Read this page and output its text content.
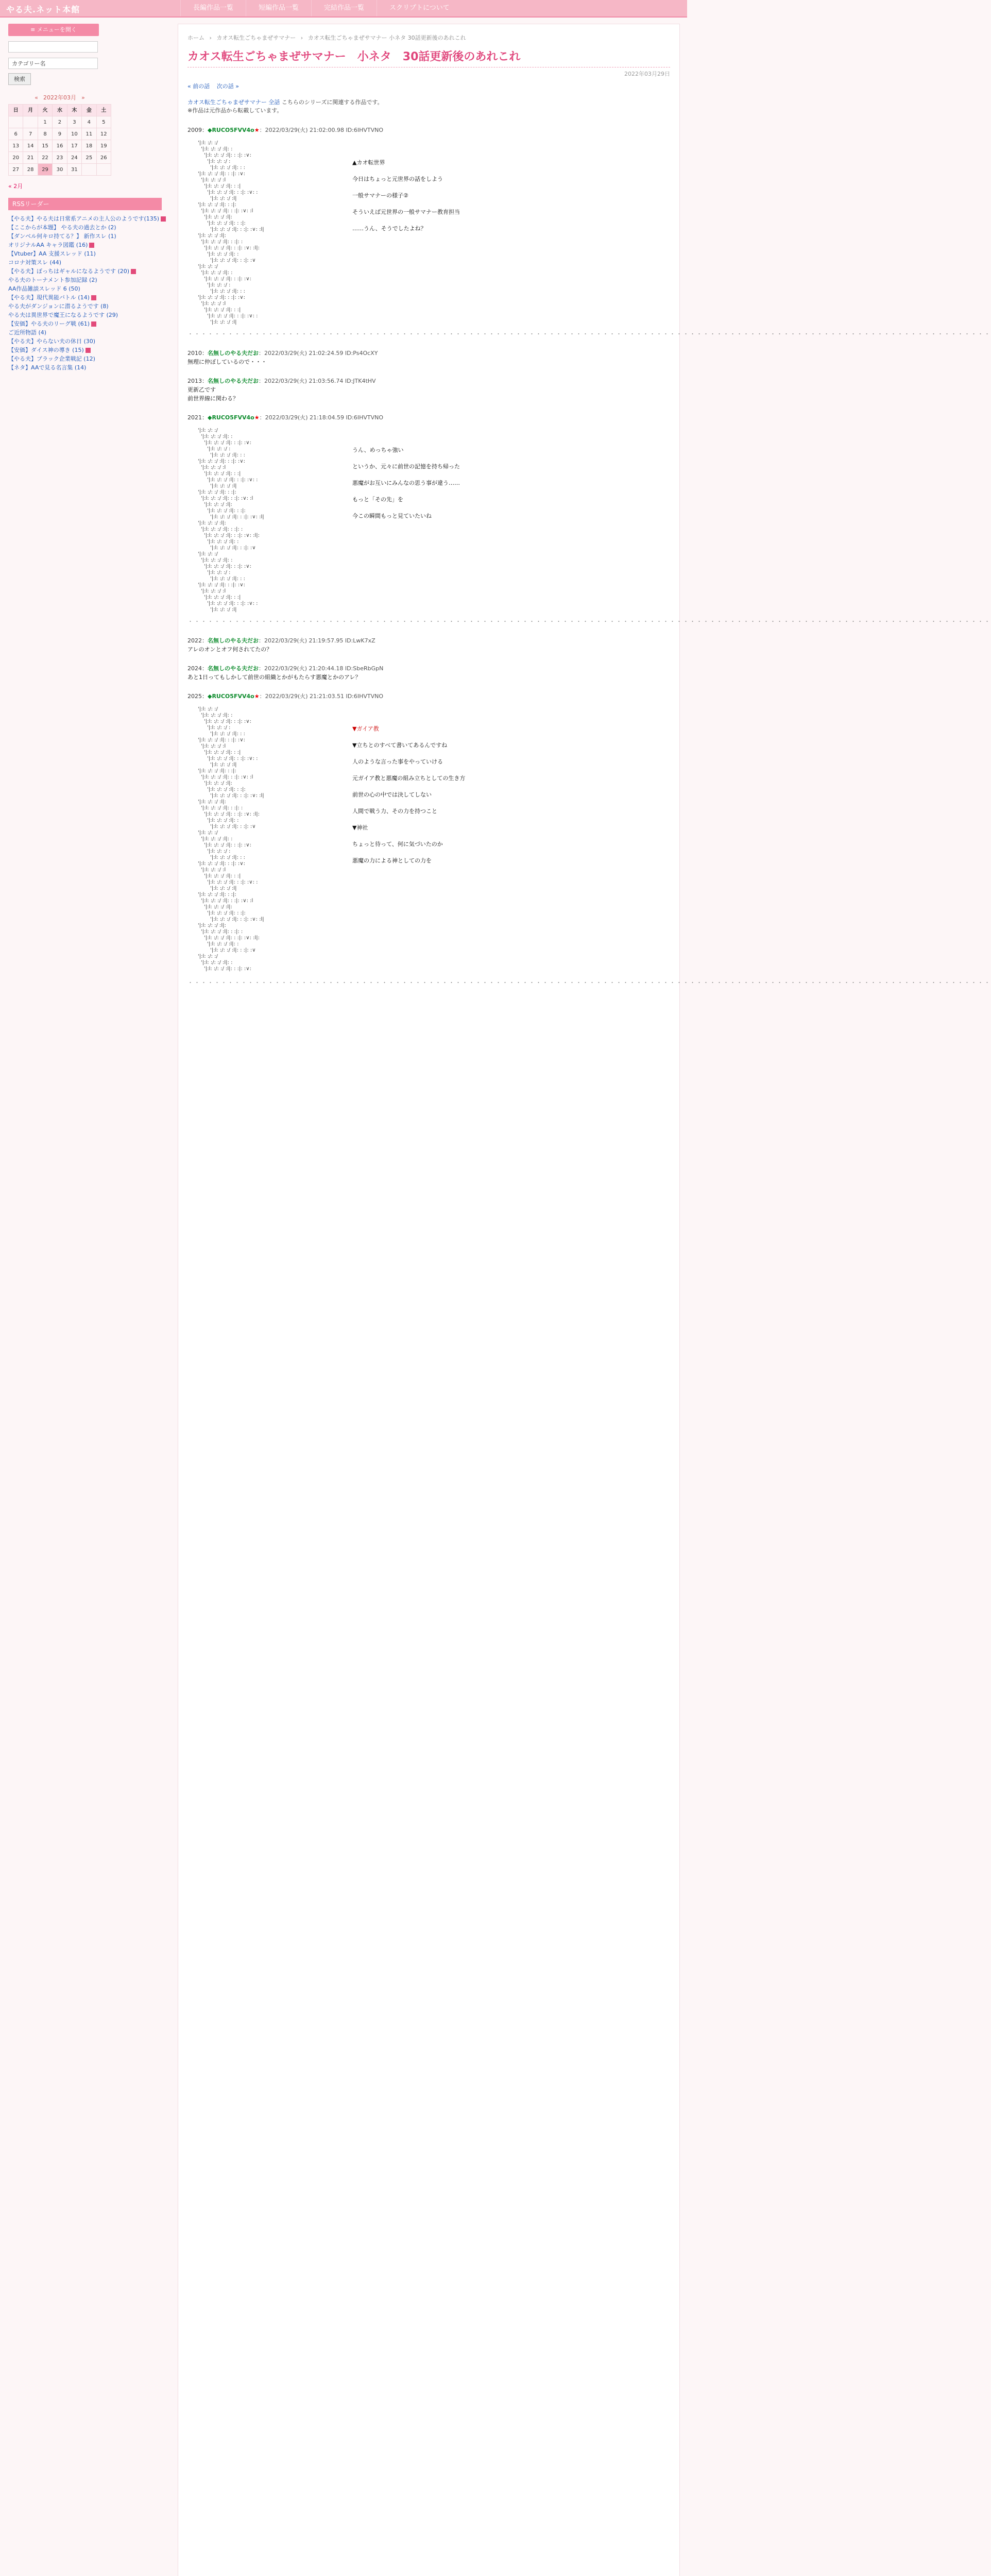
やる夫.ネット本館	長編作品一覧	短編作品一覧	完結作品一覧	スクリプトについて
≡ メニューを開く
カテゴリー名
検索
« 2022年03月 »
日	月	火	水	木	金	土
		1	2	3	4	5
6	7	8	9	10	11	12
13	14	15	16	17	18	19
20	21	22	23	24	25	26
27	28	29	30	31		
« 2月
RSSリーダー
【やる夫】やる夫は日常系アニメの主人公のようです(135)
【ここからが本題】 やる夫の過去とか (2)
【ダンベル何キロ持てる？】 新作スレ (1)
オリジナルAA キャラ図鑑 (16)
【Vtuber】AA 支援スレッド (11)
コロナ対策スレ (44)
【やる夫】ぼっちはギャルになるようです (20)
やる夫のトーナメント参加記録 (2)
AA作品雑談スレッド 6 (50)
【やる夫】現代異能バトル (14)
やる夫がダンジョンに潜るようです (8)
やる夫は異世界で魔王になるようです (29)
【安価】やる夫のリーグ戦 (61)
ご近所物語 (4)
【やる夫】やらない夫の休日 (30)
【安価】ダイス神の導き (15)
【やる夫】ブラック企業戦記 (12)
【ネタ】AAで見る名言集 (14)
ホーム › カオス転生ごちゃまぜサマナー › カオス転生ごちゃまぜサマナー 小ネタ 30話更新後のあれこれ
カオス転生ごちゃまぜサマナー　小ネタ　30話更新後のあれこれ
2022年03月29日
« 前の話 次の話 »
カオス転生ごちゃまぜサマナー 全話 こちらのシリーズに関連する作品です。
※作品は元作品から転載しています。
2009：◆RUCO5FVV4o★：2022/03/29(火) 21:02:00.98 ID:6IHVTVNO
'|:l: :/: :/
'|:l: :/: :/ :l|: :
'|:l: :/: :/ :l|: : :|: :∨:
'|:l: :/: :/ :
'|:l: :/: :/ :l|: : :
'|:l: :/: :/ :l|: : :|: :∨:
'|:l: :/: :/ :l
'|:l: :/: :/ :l|: : :|
'|:l: :/: :/ :l|: : :|: :∨: :
'|:l: :/: :/ :l|
'|:l: :/: :/ :l|: : :|:
'|:l: :/: :/ :l|: : :|: :∨: :l
'|:l: :/: :/ :l|:
'|:l: :/: :/ :l|: : :|:
'|:l: :/: :/ :l|: : :|: :∨: :l|
'|:l: :/: :/ :l|:
'|:l: :/: :/ :l|: : :|: :
'|:l: :/: :/ :l|: : :|: :∨: :l|:
'|:l: :/: :/ :l|: :
'|:l: :/: :/ :l|: : :|: :∨
'|:l: :/: :/
'|:l: :/: :/ :l|: :
'|:l: :/: :/ :l|: : :|: :∨:
'|:l: :/: :/ :
'|:l: :/: :/ :l|: : :
'|:l: :/: :/ :l|: : :|: :∨:
'|:l: :/: :/ :l
'|:l: :/: :/ :l|: : :|
'|:l: :/: :/ :l|: : :|: :∨: :
'|:l: :/: :/ :l|
▲カオ転世界
今日はちょっと元世界の話をしよう
一般サマナーの様子②
そういえば元世界の一般サマナー教育担当
……うん、そうでしたよね？
・・・・・・・・・・・・・・・・・・・・・・・・・・・・・・・・・・・・・・・・・・・・・・・・・・・・・・・・・・・・・・・・・・・・・・・・・・・・・・・・・・・・・・・・・・・・・・・・・・・・・・・・・・・・・・・・・・・・・・・・
2010：名無しのやる夫だお：2022/03/29(火) 21:02:24.59 ID:Ps4OcXY
無理に仲ぼしているので・・・
2013：名無しのやる夫だお：2022/03/29(火) 21:03:56.74 ID:JTK4tHV
更新乙です
前世界線に関わる？
2021：◆RUCO5FVV4o★：2022/03/29(火) 21:18:04.59 ID:6IHVTVNO
'|:l: :/: :/
'|:l: :/: :/ :l|: :
'|:l: :/: :/ :l|: : :|: :∨:
'|:l: :/: :/ :
'|:l: :/: :/ :l|: : :
'|:l: :/: :/ :l|: : :|: :∨:
'|:l: :/: :/ :l
'|:l: :/: :/ :l|: : :|
'|:l: :/: :/ :l|: : :|: :∨: :
'|:l: :/: :/ :l|
'|:l: :/: :/ :l|: : :|:
'|:l: :/: :/ :l|: : :|: :∨: :l
'|:l: :/: :/ :l|:
'|:l: :/: :/ :l|: : :|:
'|:l: :/: :/ :l|: : :|: :∨: :l|
'|:l: :/: :/ :l|:
'|:l: :/: :/ :l|: : :|: :
'|:l: :/: :/ :l|: : :|: :∨: :l|:
'|:l: :/: :/ :l|: :
'|:l: :/: :/ :l|: : :|: :∨
'|:l: :/: :/
'|:l: :/: :/ :l|: :
'|:l: :/: :/ :l|: : :|: :∨:
'|:l: :/: :/ :
'|:l: :/: :/ :l|: : :
'|:l: :/: :/ :l|: : :|: :∨:
'|:l: :/: :/ :l
'|:l: :/: :/ :l|: : :|
'|:l: :/: :/ :l|: : :|: :∨: :
'|:l: :/: :/ :l|
うん、めっちゃ強い
というか、元々に前世の記憶を持ち帰った
悪魔がお互いにみんなの思う事が違う……
もっと「その先」を
今この瞬間もっと見ていたいね
・・・・・・・・・・・・・・・・・・・・・・・・・・・・・・・・・・・・・・・・・・・・・・・・・・・・・・・・・・・・・・・・・・・・・・・・・・・・・・・・・・・・・・・・・・・・・・・・・・・・・・・・・・・・・・・・・・・・・・・・
2022：名無しのやる夫だお：2022/03/29(火) 21:19:57.95 ID:LwK7xZ
アレのオンとオフ何されてたの？
2024：名無しのやる夫だお：2022/03/29(火) 21:20:44.18 ID:SbeRbGpN
あと1日ってもしかして前世の組織とかがもたらす悪魔とかのアレ？
2025：◆RUCO5FVV4o★：2022/03/29(火) 21:21:03.51 ID:6IHVTVNO
'|:l: :/: :/
'|:l: :/: :/ :l|: :
'|:l: :/: :/ :l|: : :|: :∨:
'|:l: :/: :/ :
'|:l: :/: :/ :l|: : :
'|:l: :/: :/ :l|: : :|: :∨:
'|:l: :/: :/ :l
'|:l: :/: :/ :l|: : :|
'|:l: :/: :/ :l|: : :|: :∨: :
'|:l: :/: :/ :l|
'|:l: :/: :/ :l|: : :|:
'|:l: :/: :/ :l|: : :|: :∨: :l
'|:l: :/: :/ :l|:
'|:l: :/: :/ :l|: : :|:
'|:l: :/: :/ :l|: : :|: :∨: :l|
'|:l: :/: :/ :l|:
'|:l: :/: :/ :l|: : :|: :
'|:l: :/: :/ :l|: : :|: :∨: :l|:
'|:l: :/: :/ :l|: :
'|:l: :/: :/ :l|: : :|: :∨
'|:l: :/: :/
'|:l: :/: :/ :l|: :
'|:l: :/: :/ :l|: : :|: :∨:
'|:l: :/: :/ :
'|:l: :/: :/ :l|: : :
'|:l: :/: :/ :l|: : :|: :∨:
'|:l: :/: :/ :l
'|:l: :/: :/ :l|: : :|
'|:l: :/: :/ :l|: : :|: :∨: :
'|:l: :/: :/ :l|
'|:l: :/: :/ :l|: : :|:
'|:l: :/: :/ :l|: : :|: :∨: :l
'|:l: :/: :/ :l|:
'|:l: :/: :/ :l|: : :|:
'|:l: :/: :/ :l|: : :|: :∨: :l|
'|:l: :/: :/ :l|:
'|:l: :/: :/ :l|: : :|: :
'|:l: :/: :/ :l|: : :|: :∨: :l|:
'|:l: :/: :/ :l|: :
'|:l: :/: :/ :l|: : :|: :∨
'|:l: :/: :/
'|:l: :/: :/ :l|: :
'|:l: :/: :/ :l|: : :|: :∨:
▼ガイア教
▼立ちとのすべて書いてあるんですね
人のような言った事をやっていける
元ガイア教と悪魔の組み立ちとしての生き方
前世の心の中では決してしない
人間で戦う力、その力を持つこと
▼神社
ちょっと待って、何に気づいたのか
悪魔の力による神としての力を
・・・・・・・・・・・・・・・・・・・・・・・・・・・・・・・・・・・・・・・・・・・・・・・・・・・・・・・・・・・・・・・・・・・・・・・・・・・・・・・・・・・・・・・・・・・・・・・・・・・・・・・・・・・・・・・・・・・・・・・・
